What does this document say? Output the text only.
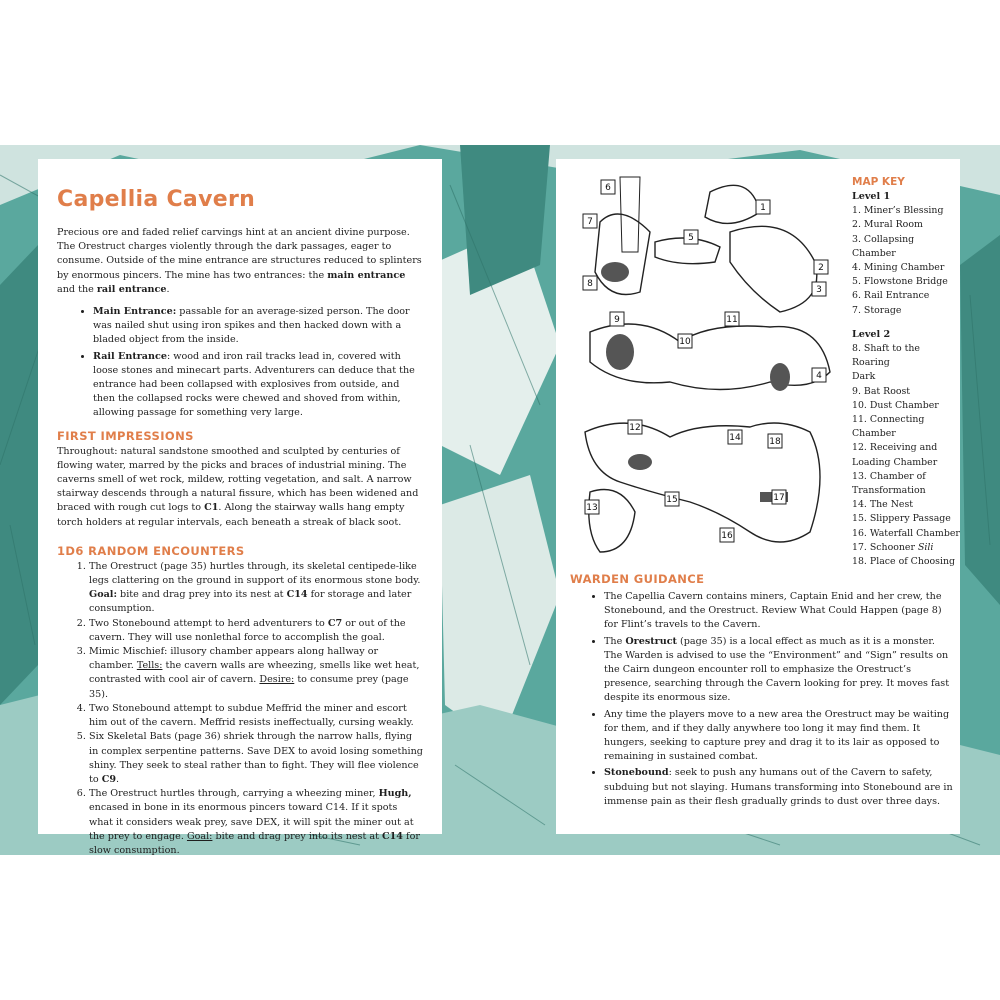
Capellia Cavern

Precious ore and faded relief carvings hint at an ancient divine purpose. The Orestruct charges violently through the dark passages, eager to consume. Outside of the mine entrance are structures reduced to splinters by enormous pincers. The mine has two entrances: the main entrance and the rail entrance.

• Main Entrance: passable for an average-sized person. The door was nailed shut using iron spikes and then hacked down with a bladed object from the inside.
• Rail Entrance: wood and iron rail tracks lead in, covered with loose stones and minecart parts. Adventurers can deduce that the entrance had been collapsed with explosives from outside, and then the collapsed rocks were chewed and shoved from within, allowing passage for something very large.
FIRST IMPRESSIONS

Throughout: natural sandstone smoothed and sculpted by centuries of flowing water, marred by the picks and braces of industrial mining. The caverns smell of wet rock, mildew, rotting vegetation, and salt. A narrow stairway descends through a natural fissure, which has been widened and braced with rough cut logs to C1. Along the stairway walls hang empty torch holders at regular intervals, each beneath a streak of black soot.

1D6 RANDOM ENCOUNTERS
1. The Orestruct (page 35) hurtles through, its skeletal centipede-like legs clattering on the ground in support of its enormous stone body. Goal: bite and drag prey into its nest at C14 for storage and later consumption.
2. Two Stonebound attempt to herd adventurers to C7 or out of the cavern. They will use nonlethal force to accomplish the goal.
3. Mimic Mischief: illusory chamber appears along hallway or chamber. Tells: the cavern walls are wheezing, smells like wet heat, contrasted with cool air of cavern. Desire: to consume prey (page 35).
4. Two Stonebound attempt to subdue Meffrid the miner and escort him out of the cavern. Meffrid resists ineffectually, cursing weakly.
5. Six Skeletal Bats (page 36) shriek through the narrow halls, flying in complex serpentine patterns. Save DEX to avoid losing something shiny. They seek to steal rather than to fight. They will flee violence to C9.
6. The Orestruct hurtles through, carrying a wheezing miner, Hugh, encased in bone in its enormous pincers toward C14. If it spots what it considers weak prey, save DEX, it will spit the miner out at the prey to engage. Goal: bite and drag prey into its nest at C14 for slow consumption.
6
7
1
5
2
3
8
9
10
11
4
12
14	18
13
15	17
16
MAP KEY
Level 1
1. Miner’s Blessing
2. Mural Room
3. Collapsing Chamber
4. Mining Chamber
5. Flowstone Bridge
6. Rail Entrance
7. Storage
Level 2
8. Shaft to the Roaring
Dark
9. Bat Roost
10. Dust Chamber
11. Connecting
Chamber
12. Receiving and
Loading Chamber
13. Chamber of
Transformation
14. The Nest
15. Slippery Passage
16. Waterfall Chamber
17. Schooner Sili
18. Place of Choosing
WARDEN GUIDANCE
• The Capellia Cavern contains miners, Captain Enid and her crew, the Stonebound, and the Orestruct. Review What Could Happen (page 8) for Flint’s travels to the Cavern.
• The Orestruct (page 35) is a local effect as much as it is a monster. The Warden is advised to use the “Environment” and “Sign” results on the Cairn dungeon encounter roll to emphasize the Orestruct’s presence, searching through the Cavern looking for prey. It moves fast despite its enormous size.
• Any time the players move to a new area the Orestruct may be waiting for them, and if they dally anywhere too long it may find them. It hungers, seeking to capture prey and drag it to its lair as opposed to remaining in sustained combat.
• Stonebound: seek to push any humans out of the Cavern to safety, subduing but not slaying. Humans transforming into Stonebound are in immense pain as their flesh gradually grinds to dust over three days.
